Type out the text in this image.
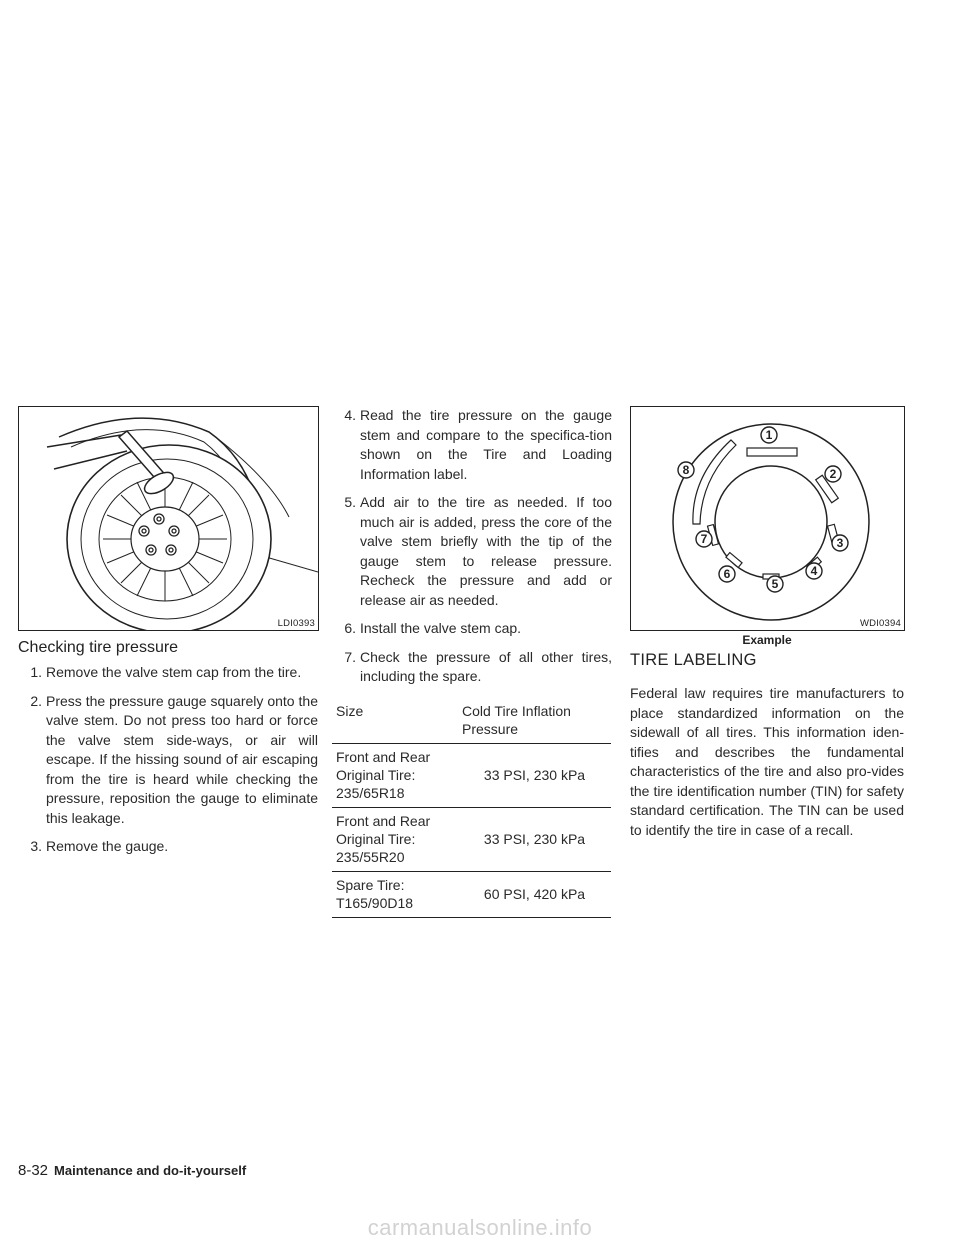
LDI0393
Checking tire pressure
1. Remove the valve stem cap from the tire.
2. Press the pressure gauge squarely onto the valve stem. Do not press too hard or force the valve stem side-ways, or air will escape. If the hissing sound of air escaping from the tire is heard while checking the pressure, reposition the gauge to eliminate this leakage.
3. Remove the gauge.
4. Read the tire pressure on the gauge stem and compare to the specifica-tion shown on the Tire and Loading Information label.
5. Add air to the tire as needed. If too much air is added, press the core of the valve stem briefly with the tip of the gauge stem to release pressure. Recheck the pressure and add or release air as needed.
6. Install the valve stem cap.
7. Check the pressure of all other tires, including the spare.
Size	Cold Tire Inflation Pressure
Front and Rear Original Tire: 235/65R18	33 PSI, 230 kPa
Front and Rear Original Tire: 235/55R20	33 PSI, 230 kPa
Spare Tire: T165/90D18	60 PSI, 420 kPa
1
2
3
4
5
6
7
8
WDI0394
Example
TIRE LABELING

Federal law requires tire manufacturers to place standardized information on the sidewall of all tires. This information iden-tifies and describes the fundamental characteristics of the tire and also pro-vides the tire identification number (TIN) for safety standard certification. The TIN can be used to identify the tire in case of a recall.

8-32 Maintenance and do-it-yourself
carmanualsonline.info
